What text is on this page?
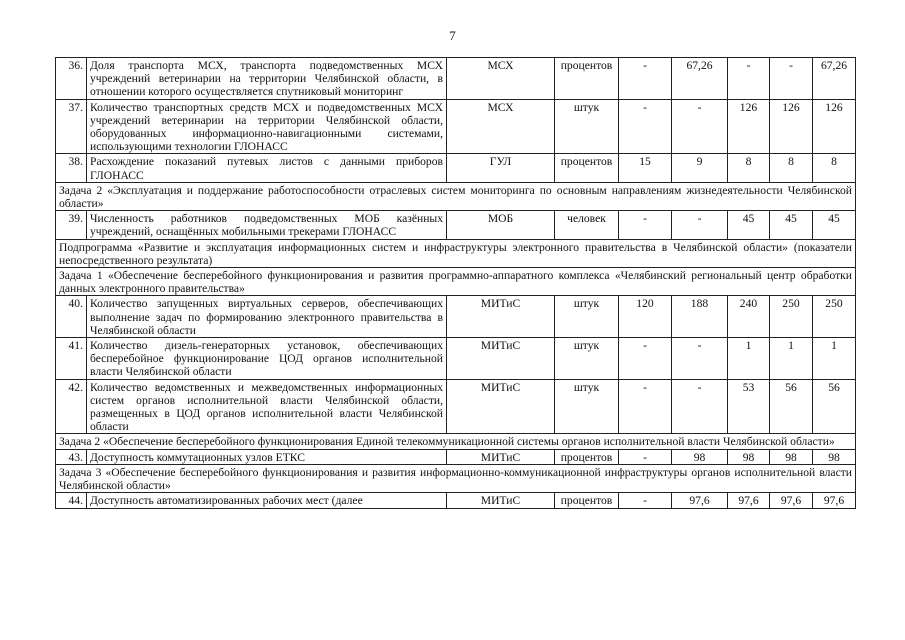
7
36.	Доля транспорта МСХ, транспорта подведомственных МСХ учреждений ветеринарии на территории Челябинской области, в отношении которого осуществляется спутниковый мониторинг	МСХ	процентов	-	67,26	-	-	67,26
37.	Количество транспортных средств МСХ и подведомственных МСХ учреждений ветеринарии на территории Челябинской области, оборудованных информационно-навигационными системами, использующими технологии ГЛОНАСС	МСХ	штук	-	-	126	126	126
38.	Расхождение показаний путевых листов с данными приборов ГЛОНАСС	ГУЛ	процентов	15	9	8	8	8
Задача 2 «Эксплуатация и поддержание работоспособности отраслевых систем мониторинга по основным направлениям жизнедеятельности Челябинской области»								
39.	Численность работников подведомственных МОБ казённых учреждений, оснащённых мобильными трекерами ГЛОНАСС	МОБ	человек	-	-	45	45	45
Подпрограмма «Развитие и эксплуатация информационных систем и инфраструктуры электронного правительства в Челябинской области» (показатели непосредственного результата)								
Задача 1 «Обеспечение бесперебойного функционирования и развития программно-аппаратного комплекса «Челябинский региональный центр обработки данных электронного правительства»								
40.	Количество запущенных виртуальных серверов, обеспечивающих выполнение задач по формированию электронного правительства в Челябинской области	МИТиС	штук	120	188	240	250	250
41.	Количество дизель-генераторных установок, обеспечивающих бесперебойное функционирование ЦОД органов исполнительной власти Челябинской области	МИТиС	штук	-	-	1	1	1
42.	Количество ведомственных и межведомственных информационных систем органов исполнительной власти Челябинской области, размещенных в ЦОД органов исполнительной власти Челябинской области	МИТиС	штук	-	-	53	56	56
Задача 2 «Обеспечение бесперебойного функционирования Единой телекоммуникационной системы органов исполнительной власти Челябинской области»								
43.	Доступность коммутационных узлов ЕТКС	МИТиС	процентов	-	98	98	98	98
Задача 3 «Обеспечение бесперебойного функционирования и развития информационно-коммуникационной инфраструктуры органов исполнительной власти Челябинской области»								
44.	Доступность автоматизированных рабочих мест (далее	МИТиС	процентов	-	97,6	97,6	97,6	97,6
